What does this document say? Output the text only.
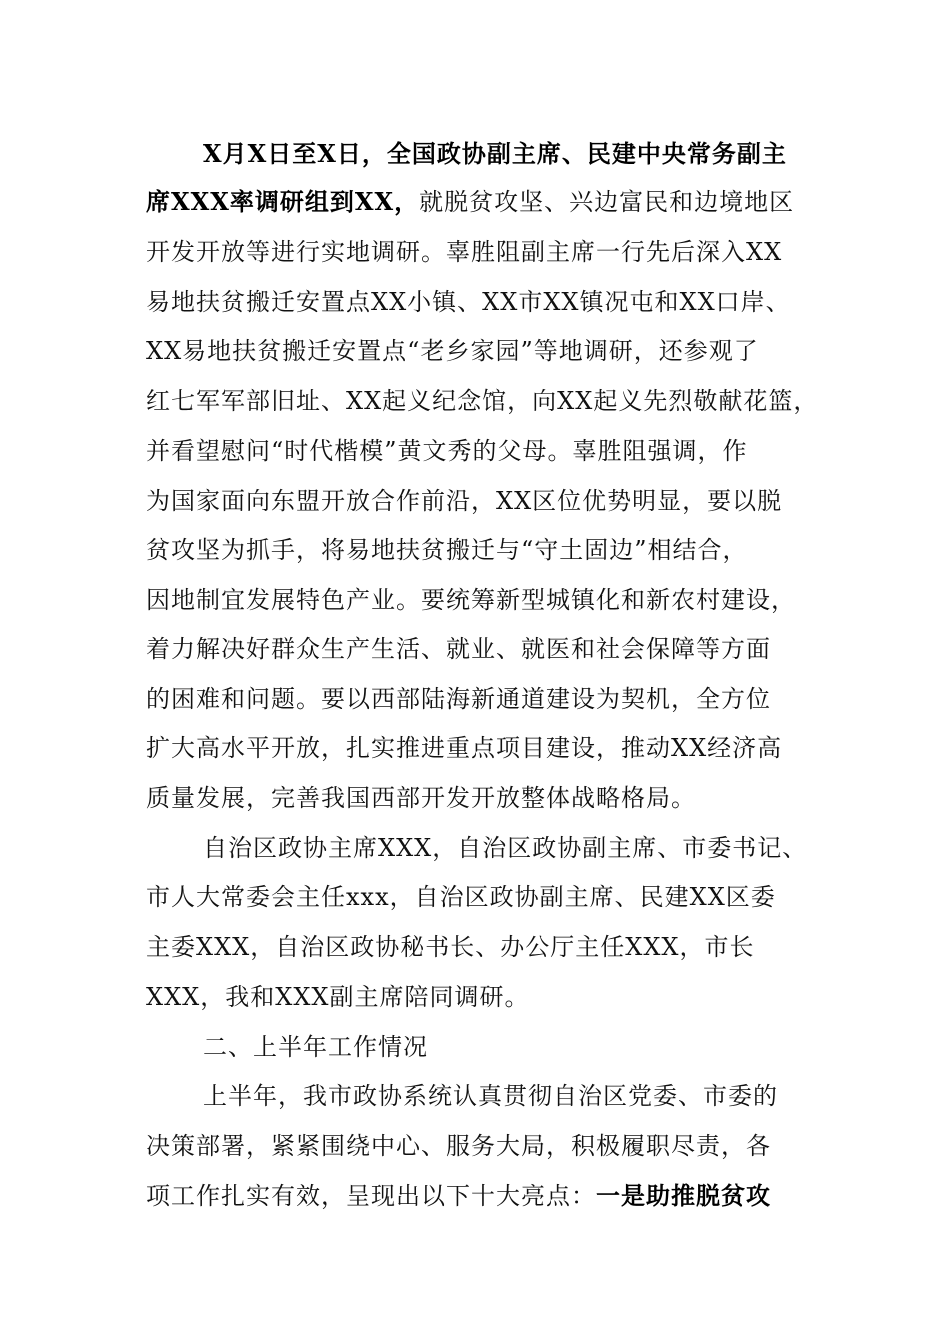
X月X日至X日，全国政协副主席、民建中央常务副主
席XXX率调研组到XX，就脱贫攻坚、兴边富民和边境地区
开发开放等进行实地调研。辜胜阻副主席一行先后深入XX
易地扶贫搬迁安置点XX小镇、XX市XX镇况屯和XX口岸、
XX易地扶贫搬迁安置点“老乡家园”等地调研，还参观了
红七军军部旧址、XX起义纪念馆，向XX起义先烈敬献花篮，
并看望慰问“时代楷模”黄文秀的父母。辜胜阻强调，作
为国家面向东盟开放合作前沿，XX区位优势明显，要以脱
贫攻坚为抓手，将易地扶贫搬迁与“守土固边”相结合，
因地制宜发展特色产业。要统筹新型城镇化和新农村建设，
着力解决好群众生产生活、就业、就医和社会保障等方面
的困难和问题。要以西部陆海新通道建设为契机，全方位
扩大高水平开放，扎实推进重点项目建设，推动XX经济高
质量发展，完善我国西部开发开放整体战略格局。
自治区政协主席XXX，自治区政协副主席、市委书记、
市人大常委会主任xxx，自治区政协副主席、民建XX区委
主委XXX，自治区政协秘书长、办公厅主任XXX，市长
XXX，我和XXX副主席陪同调研。
二、上半年工作情况
上半年，我市政协系统认真贯彻自治区党委、市委的
决策部署，紧紧围绕中心、服务大局，积极履职尽责，各
项工作扎实有效，呈现出以下十大亮点：一是助推脱贫攻
